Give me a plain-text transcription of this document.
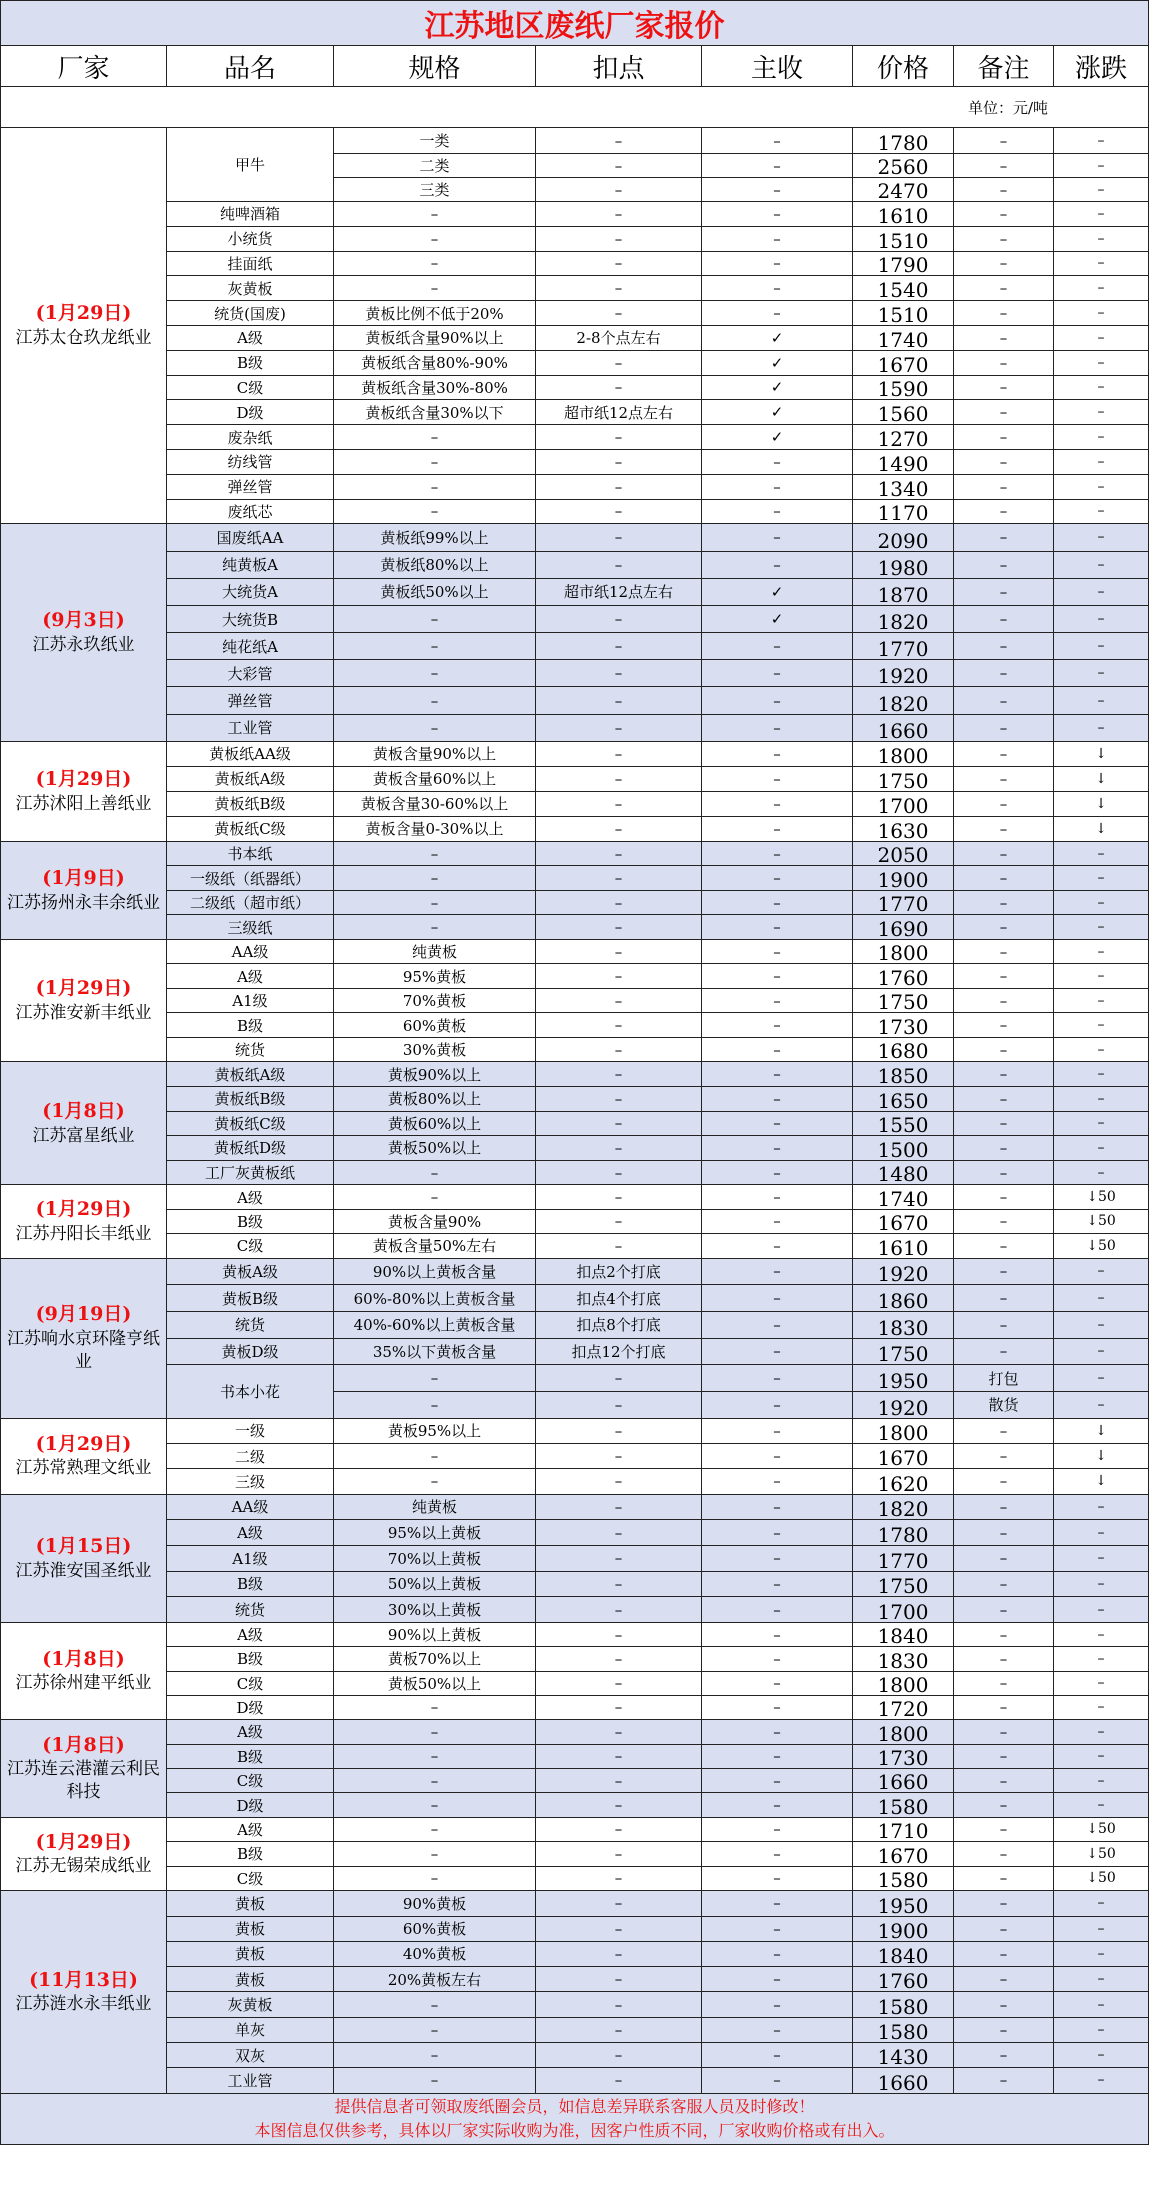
江苏地区废纸厂家报价							
厂家	品名	规格	扣点	主收	价格	备注	涨跌
单位：元/吨							

(1月29日)
江苏太仓玖龙纸业	甲牛	一类	–	–	1780	–	–
		二类	–	–	2560	–	–
		三类	–	–	2470	–	–
	纯啤酒箱	–	–	–	1610	–	–
	小统货	–	–	–	1510	–	–
	挂面纸	–	–	–	1790	–	–
	灰黄板	–	–	–	1540	–	–
	统货(国废)	黄板比例不低于20%	–	–	1510	–	–
	A级	黄板纸含量90%以上	2-8个点左右	✓	1740	–	–
	B级	黄板纸含量80%-90%	–	✓	1670	–	–
	C级	黄板纸含量30%-80%	–	✓	1590	–	–
	D级	黄板纸含量30%以下	超市纸12点左右	✓	1560	–	–
	废杂纸	–	–	✓	1270	–	–
	纺线管	–	–	–	1490	–	–
	弹丝管	–	–	–	1340	–	–
	废纸芯	–	–	–	1170	–	–

(9月3日)
江苏永玖纸业	国废纸AA	黄板纸99%以上	–	–	2090	–	–
	纯黄板A	黄板纸80%以上	–	–	1980	–	–
	大统货A	黄板纸50%以上	超市纸12点左右	✓	1870	–	–
	大统货B	–	–	✓	1820	–	–
	纯花纸A	–	–	–	1770	–	–
	大彩管	–	–	–	1920	–	–
	弹丝管	–	–	–	1820	–	–
	工业管	–	–	–	1660	–	–

(1月29日)
江苏沭阳上善纸业	黄板纸AA级	黄板含量90%以上	–	–	1800	–	↓
	黄板纸A级	黄板含量60%以上	–	–	1750	–	↓
	黄板纸B级	黄板含量30-60%以上	–	–	1700	–	↓
	黄板纸C级	黄板含量0-30%以上	–	–	1630	–	↓

(1月9日)
江苏扬州永丰余纸业	书本纸	–	–	–	2050	–	–
	一级纸（纸器纸）	–	–	–	1900	–	–
	二级纸（超市纸）	–	–	–	1770	–	–
	三级纸	–	–	–	1690	–	–

(1月29日)
江苏淮安新丰纸业	AA级	纯黄板	–	–	1800	–	–
	A级	95%黄板	–	–	1760	–	–
	A1级	70%黄板	–	–	1750	–	–
	B级	60%黄板	–	–	1730	–	–
	统货	30%黄板	–	–	1680	–	–

(1月8日)
江苏富星纸业	黄板纸A级	黄板90%以上	–	–	1850	–	–
	黄板纸B级	黄板80%以上	–	–	1650	–	–
	黄板纸C级	黄板60%以上	–	–	1550	–	–
	黄板纸D级	黄板50%以上	–	–	1500	–	–
	工厂灰黄板纸	–	–	–	1480	–	–

(1月29日)
江苏丹阳长丰纸业	A级	–	–	–	1740	–	↓50
	B级	黄板含量90%	–	–	1670	–	↓50
	C级	黄板含量50%左右	–	–	1610	–	↓50

(9月19日)
江苏响水京环隆亨纸业	黄板A级	90%以上黄板含量	扣点2个打底	–	1920	–	–
	黄板B级	60%-80%以上黄板含量	扣点4个打底	–	1860	–	–
	统货	40%-60%以上黄板含量	扣点8个打底	–	1830	–	–
	黄板D级	35%以下黄板含量	扣点12个打底	–	1750	–	–
	书本小花	–	–	–	1950	打包	–
		–	–	–	1920	散货	–

(1月29日)
江苏常熟理文纸业	一级	黄板95%以上	–	–	1800	–	↓
	二级	–	–	–	1670	–	↓
	三级	–	–	–	1620	–	↓

(1月15日)
江苏淮安国圣纸业	AA级	纯黄板	–	–	1820	–	–
	A级	95%以上黄板	–	–	1780	–	–
	A1级	70%以上黄板	–	–	1770	–	–
	B级	50%以上黄板	–	–	1750	–	–
	统货	30%以上黄板	–	–	1700	–	–

(1月8日)
江苏徐州建平纸业	A级	90%以上黄板	–	–	1840	–	–
	B级	黄板70%以上	–	–	1830	–	–
	C级	黄板50%以上	–	–	1800	–	–
	D级	–	–	–	1720	–	–

(1月8日)
江苏连云港灌云利民科技	A级	–	–	–	1800	–	–
	B级	–	–	–	1730	–	–
	C级	–	–	–	1660	–	–
	D级	–	–	–	1580	–	–

(1月29日)
江苏无锡荣成纸业	A级	–	–	–	1710	–	↓50
	B级	–	–	–	1670	–	↓50
	C级	–	–	–	1580	–	↓50

(11月13日)
江苏涟水永丰纸业	黄板	90%黄板	–	–	1950	–	–
	黄板	60%黄板	–	–	1900	–	–
	黄板	40%黄板	–	–	1840	–	–
	黄板	20%黄板左右	–	–	1760	–	–
	灰黄板	–	–	–	1580	–	–
	单灰	–	–	–	1580	–	–
	双灰	–	–	–	1430	–	–
	工业管	–	–	–	1660	–	–

提供信息者可领取废纸圈会员，如信息差异联系客服人员及时修改！
本图信息仅供参考，具体以厂家实际收购为准，因客户性质不同，厂家收购价格或有出入。							
